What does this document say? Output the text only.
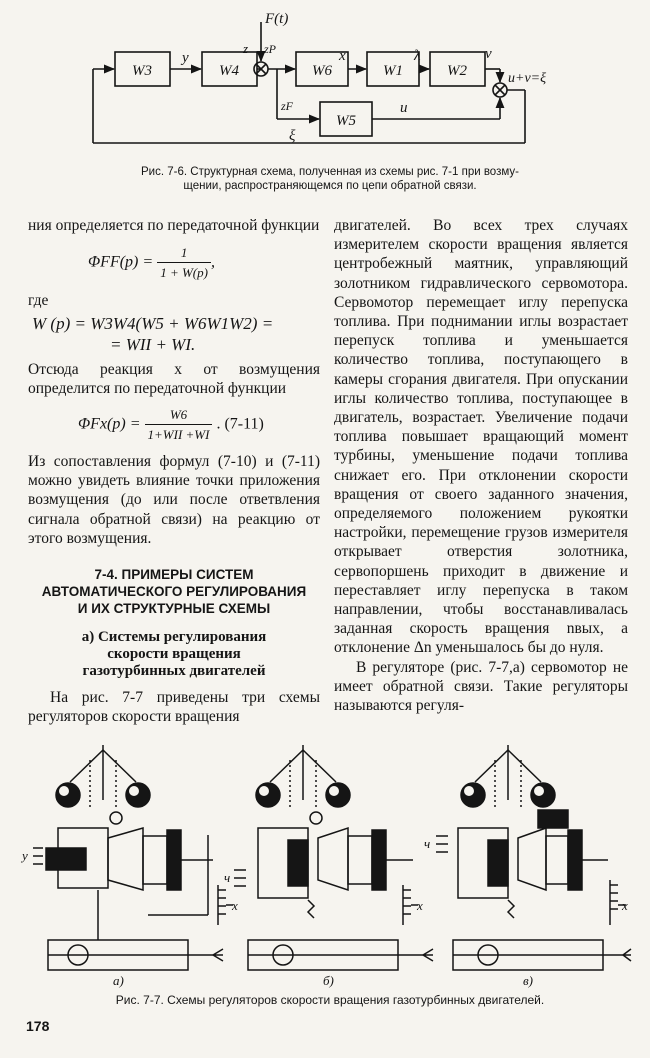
W3	W4	W6	W1	W2
W5
y
z zP
F(t)
x	λ	v
u+v=ξ
zF	u
ξ
Рис. 7-6. Структурная схема, полученная из схемы рис. 7-1 при возму-
щении, распространяющемся по цепи обратной связи.

ния определяется по передаточной функции

$\Phi FF(p) = \frac{1}{1 + W(p)}$ ,

где

W (p) = W3W4(W5 + W6W1W2) =
= WII + WI.

Отсюда реакция x от возмущения определится по передаточной функции

$\Phi Fx(p) = \frac{W6}{\text{1+WII +WI}}$ . (7-11)

Из сопоставления формул (7-10) и (7-11) можно увидеть влияние точки приложения возмущения (до или после ответвления сигнала обратной связи) на реакцию от этого возмущения.

7-4. ПРИМЕРЫ СИСТЕМ
АВТОМАТИЧЕСКОГО РЕГУЛИРОВАНИЯ
И ИХ СТРУКТУРНЫЕ СХЕМЫ
а) Системы регулирования
скорости вращения
газотурбинных двигателей

На рис. 7-7 приведены три схемы регуляторов скорости вращения

двигателей. Во всех трех случаях измерителем скорости вращения является центробежный маятник, управляющий золотником гидравлического сервомотора. Сервомотор перемещает иглу перепуска топлива. При поднимании иглы возрастает перепуск топлива и уменьшается количество топлива, поступающего в камеры сгорания двигателя. При опускании иглы количество топлива, поступающее в двигатель, возрастает. Увеличение подачи топлива повышает вращающий момент турбины, уменьшение подачи топлива снижает его. При отклонении скорости вращения от своего заданного значения, определяемого положением рукоятки настройки, перемещение грузов измерителя открывает отверстия золотника, сервопоршень приходит в движение и переставляет иглу перепуска в таком направлении, чтобы восстанавливалась заданная скорость вращения nвых, а отклонение Δn уменьшалось бы до нуля.

В регуляторе (рис. 7-7,а) сервомотор не имеет обратной связи. Такие регуляторы называются регуля-

а)	б)	в)
у
ч
ч
x	x	x
Рис. 7-7. Схемы регуляторов скорости вращения газотурбинных двигателей.
178
